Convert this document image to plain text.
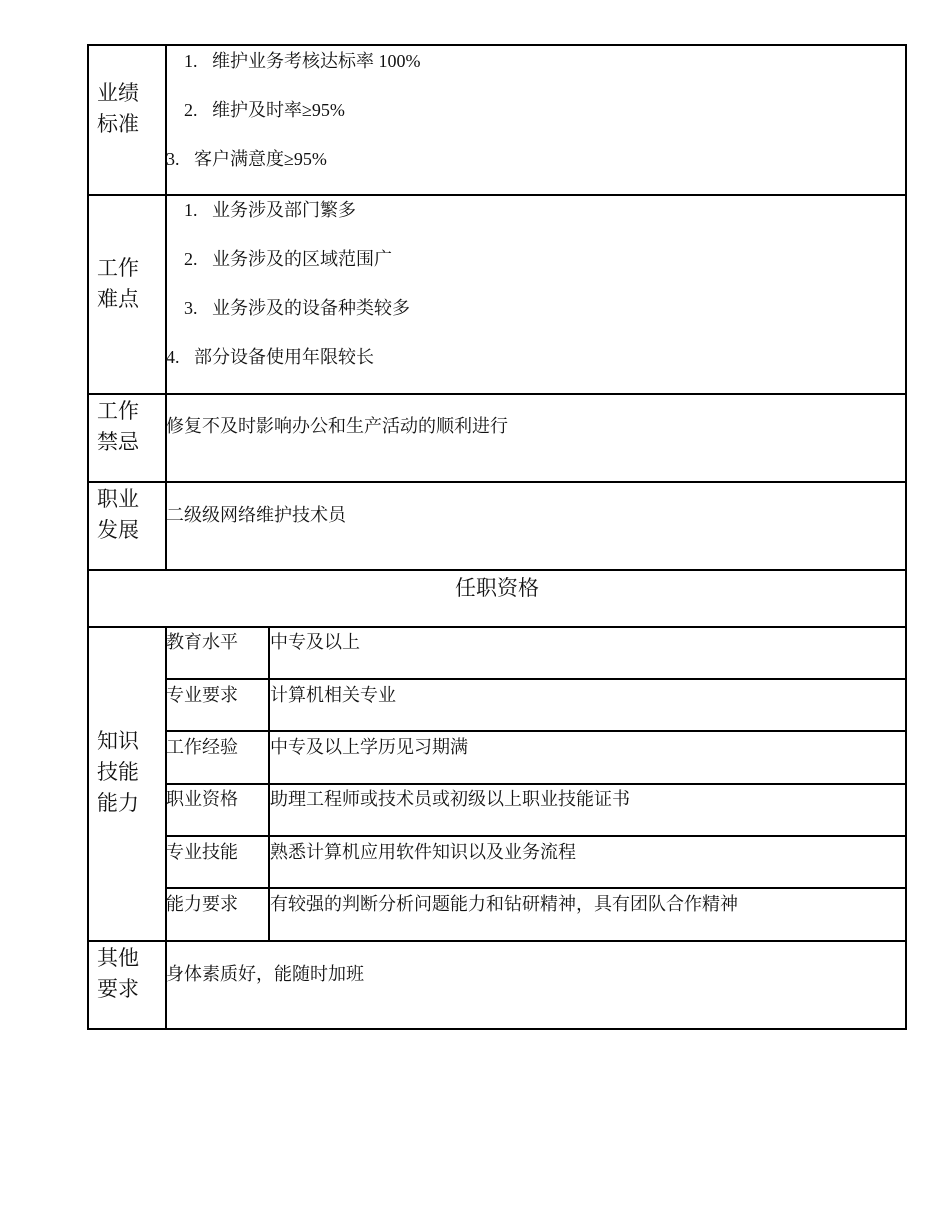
业绩
标准
1. 维护业务考核达标率 100%
2. 维护及时率≥95%
3. 客户满意度≥95%
工作
难点
1. 业务涉及部门繁多
2. 业务涉及的区域范围广
3. 业务涉及的设备种类较多
4. 部分设备使用年限较长
工作
禁忌
修复不及时影响办公和生产活动的顺利进行
职业
发展
二级级网络维护技术员
任职资格
知识
技能
能力
教育水平 中专及以上
专业要求 计算机相关专业
工作经验 中专及以上学历见习期满
职业资格 助理工程师或技术员或初级以上职业技能证书
专业技能 熟悉计算机应用软件知识以及业务流程
能力要求 有较强的判断分析问题能力和钻研精神，具有团队合作精神
其他
要求
身体素质好，能随时加班
